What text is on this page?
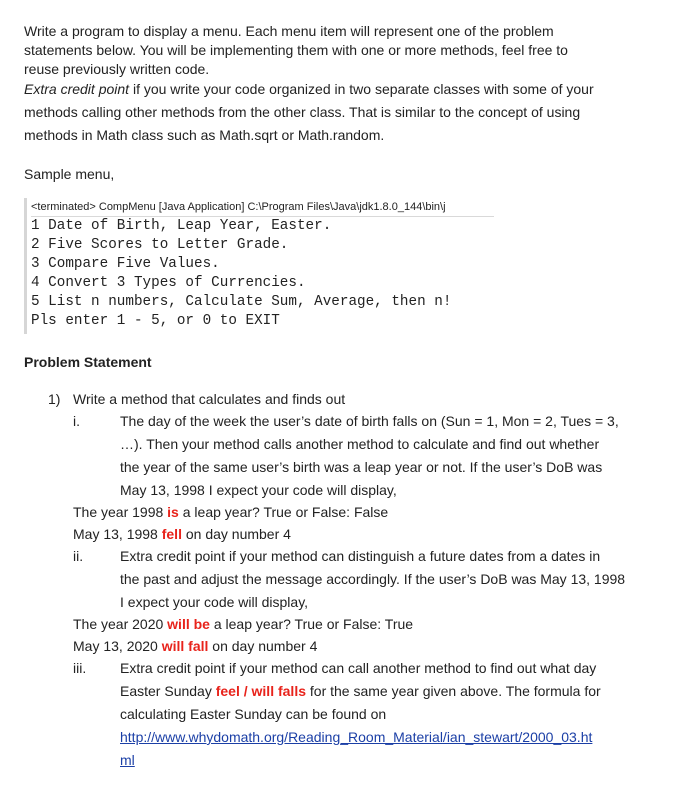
Write a program to display a menu. Each menu item will represent one of the problem
statements below. You will be implementing them with one or more methods, feel free to
reuse previously written code.
Extra credit point if you write your code organized in two separate classes with some of your
methods calling other methods from the other class. That is similar to the concept of using
methods in Math class such as Math.sqrt or Math.random.
Sample menu,
<terminated> CompMenu [Java Application] C:\Program Files\Java\jdk1.8.0_144\bin\j
1 Date of Birth, Leap Year, Easter.
2 Five Scores to Letter Grade.
3 Compare Five Values.
4 Convert 3 Types of Currencies.
5 List n numbers, Calculate Sum, Average, then n!
Pls enter 1 - 5, or 0 to EXIT
Problem Statement
1) Write a method that calculates and finds out
i.	The day of the week the user’s date of birth falls on (Sun = 1, Mon = 2, Tues = 3,
…). Then your method calls another method to calculate and find out whether
the year of the same user’s birth was a leap year or not. If the user’s DoB was
May 13, 1998 I expect your code will display,
The year 1998 is a leap year? True or False: False
May 13, 1998 fell on day number 4
ii.	Extra credit point if your method can distinguish a future dates from a dates in
the past and adjust the message accordingly. If the user’s DoB was May 13, 1998
I expect your code will display,
The year 2020 will be a leap year? True or False: True
May 13, 2020 will fall on day number 4
iii.	Extra credit point if your method can call another method to find out what day
Easter Sunday feel / will falls for the same year given above. The formula for
calculating Easter Sunday can be found on
http://www.whydomath.org/Reading_Room_Material/ian_stewart/2000_03.ht
ml
